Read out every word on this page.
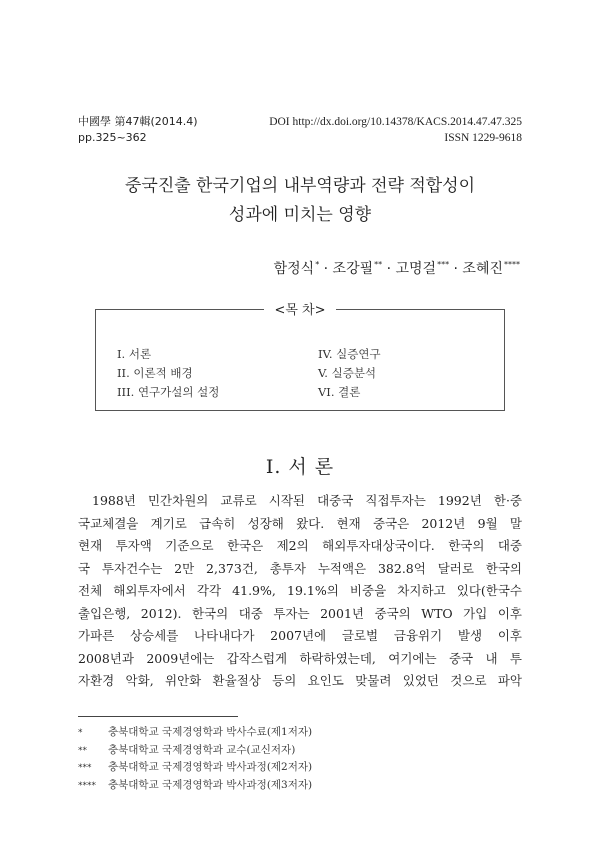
中國學 第47輯(2014.4)
pp.325~362
DOI http://dx.doi.org/10.14378/KACS.2014.47.47.325
ISSN 1229-9618
중국진출 한국기업의 내부역량과 전략 적합성이
성과에 미치는 영향
함정식* · 조강필** · 고명걸*** · 조혜진****
<목 차>
I. 서론
II. 이론적 배경
III. 연구가설의 설정
IV. 실증연구
V. 실증분석
VI. 결론
I. 서 론
1988년 민간차원의 교류로 시작된 대중국 직접투자는 1992년 한·중
국교체결을 계기로 급속히 성장해 왔다. 현재 중국은 2012년 9월 말
현재 투자액 기준으로 한국은 제2의 해외투자대상국이다. 한국의 대중
국 투자건수는 2만 2,373건, 총투자 누적액은 382.8억 달러로 한국의
전체 해외투자에서 각각 41.9%, 19.1%의 비중을 차지하고 있다(한국수
출입은행, 2012). 한국의 대중 투자는 2001년 중국의 WTO 가입 이후
가파른 상승세를 나타내다가 2007년에 글로벌 금융위기 발생 이후
2008년과 2009년에는 갑작스럽게 하락하였는데, 여기에는 중국 내 투
자환경 악화, 위안화 환율절상 등의 요인도 맞물려 있었던 것으로 파악
* 충북대학교 국제경영학과 박사수료(제1저자)
** 충북대학교 국제경영학과 교수(교신저자)
*** 충북대학교 국제경영학과 박사과정(제2저자)
**** 충북대학교 국제경영학과 박사과정(제3저자)
